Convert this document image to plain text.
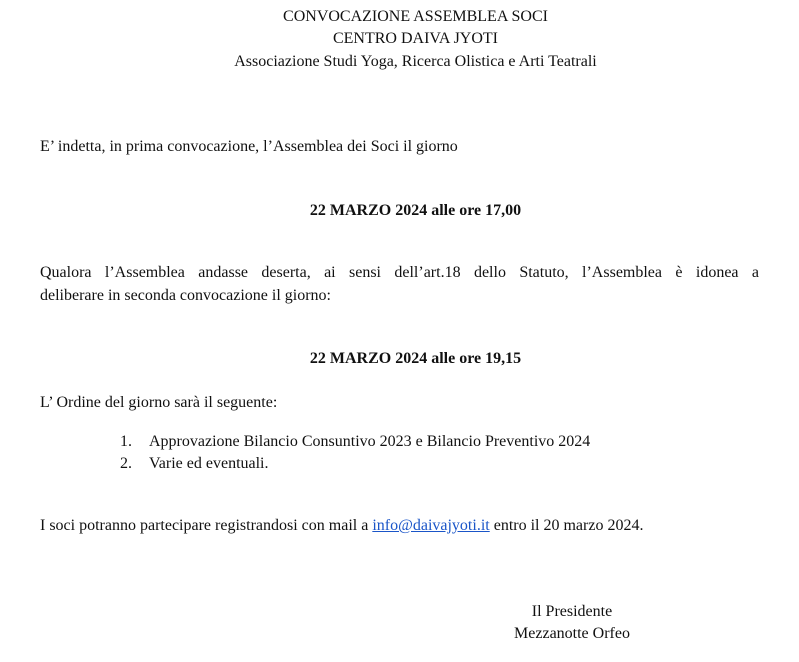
CONVOCAZIONE ASSEMBLEA SOCI
CENTRO DAIVA JYOTI
Associazione Studi Yoga, Ricerca Olistica e Arti Teatrali
E’ indetta, in prima convocazione, l’Assemblea dei Soci il giorno
22 MARZO 2024 alle ore 17,00
Qualora l’Assemblea andasse deserta, ai sensi dell’art.18 dello Statuto, l’Assemblea è idonea a
deliberare in seconda convocazione il giorno:
22 MARZO 2024 alle ore 19,15
L’ Ordine del giorno sarà il seguente:
1. Approvazione Bilancio Consuntivo 2023 e Bilancio Preventivo 2024
2. Varie ed eventuali.
I soci potranno partecipare registrandosi con mail a info@daivajyoti.it entro il 20 marzo 2024.
Il Presidente
Mezzanotte Orfeo
